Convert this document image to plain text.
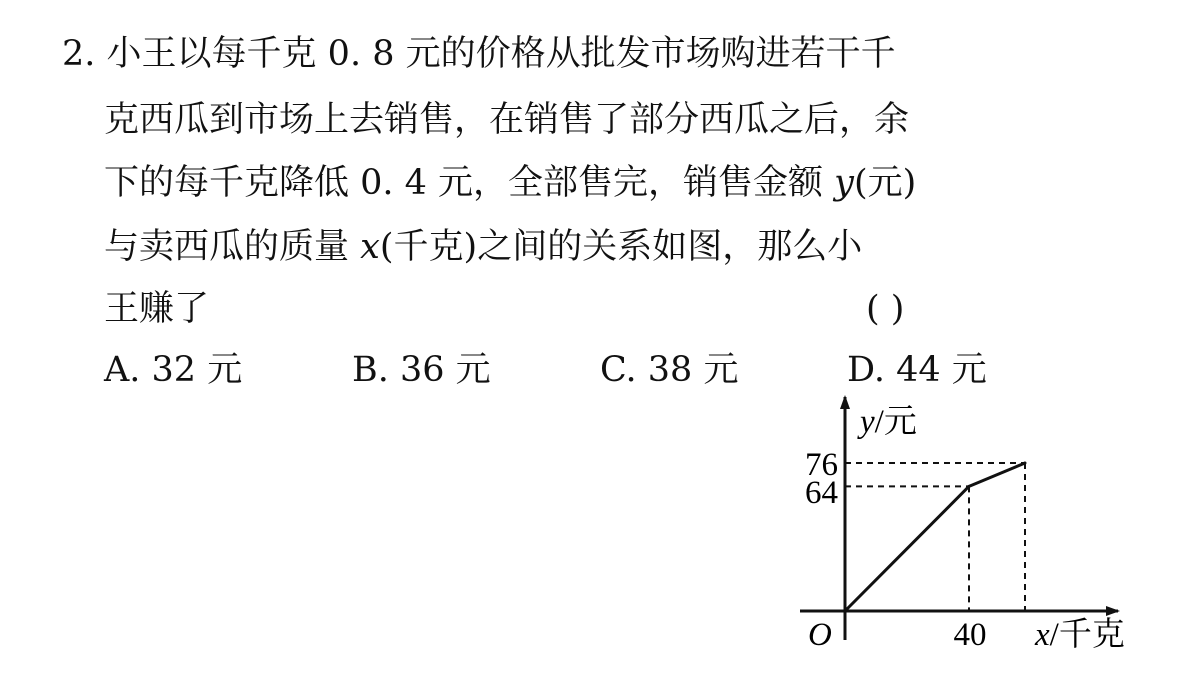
2. 小王以每千克 0. 8 元的价格从批发市场购进若干千
克西瓜到市场上去销售，在销售了部分西瓜之后，余
下的每千克降低 0. 4 元，全部售完，销售金额 y(元)
与卖西瓜的质量 x(千克)之间的关系如图，那么小
王赚了	( )
A. 32 元	B. 36 元	C. 38 元	D. 44 元
76
64
40
O
y/元
x/千克
